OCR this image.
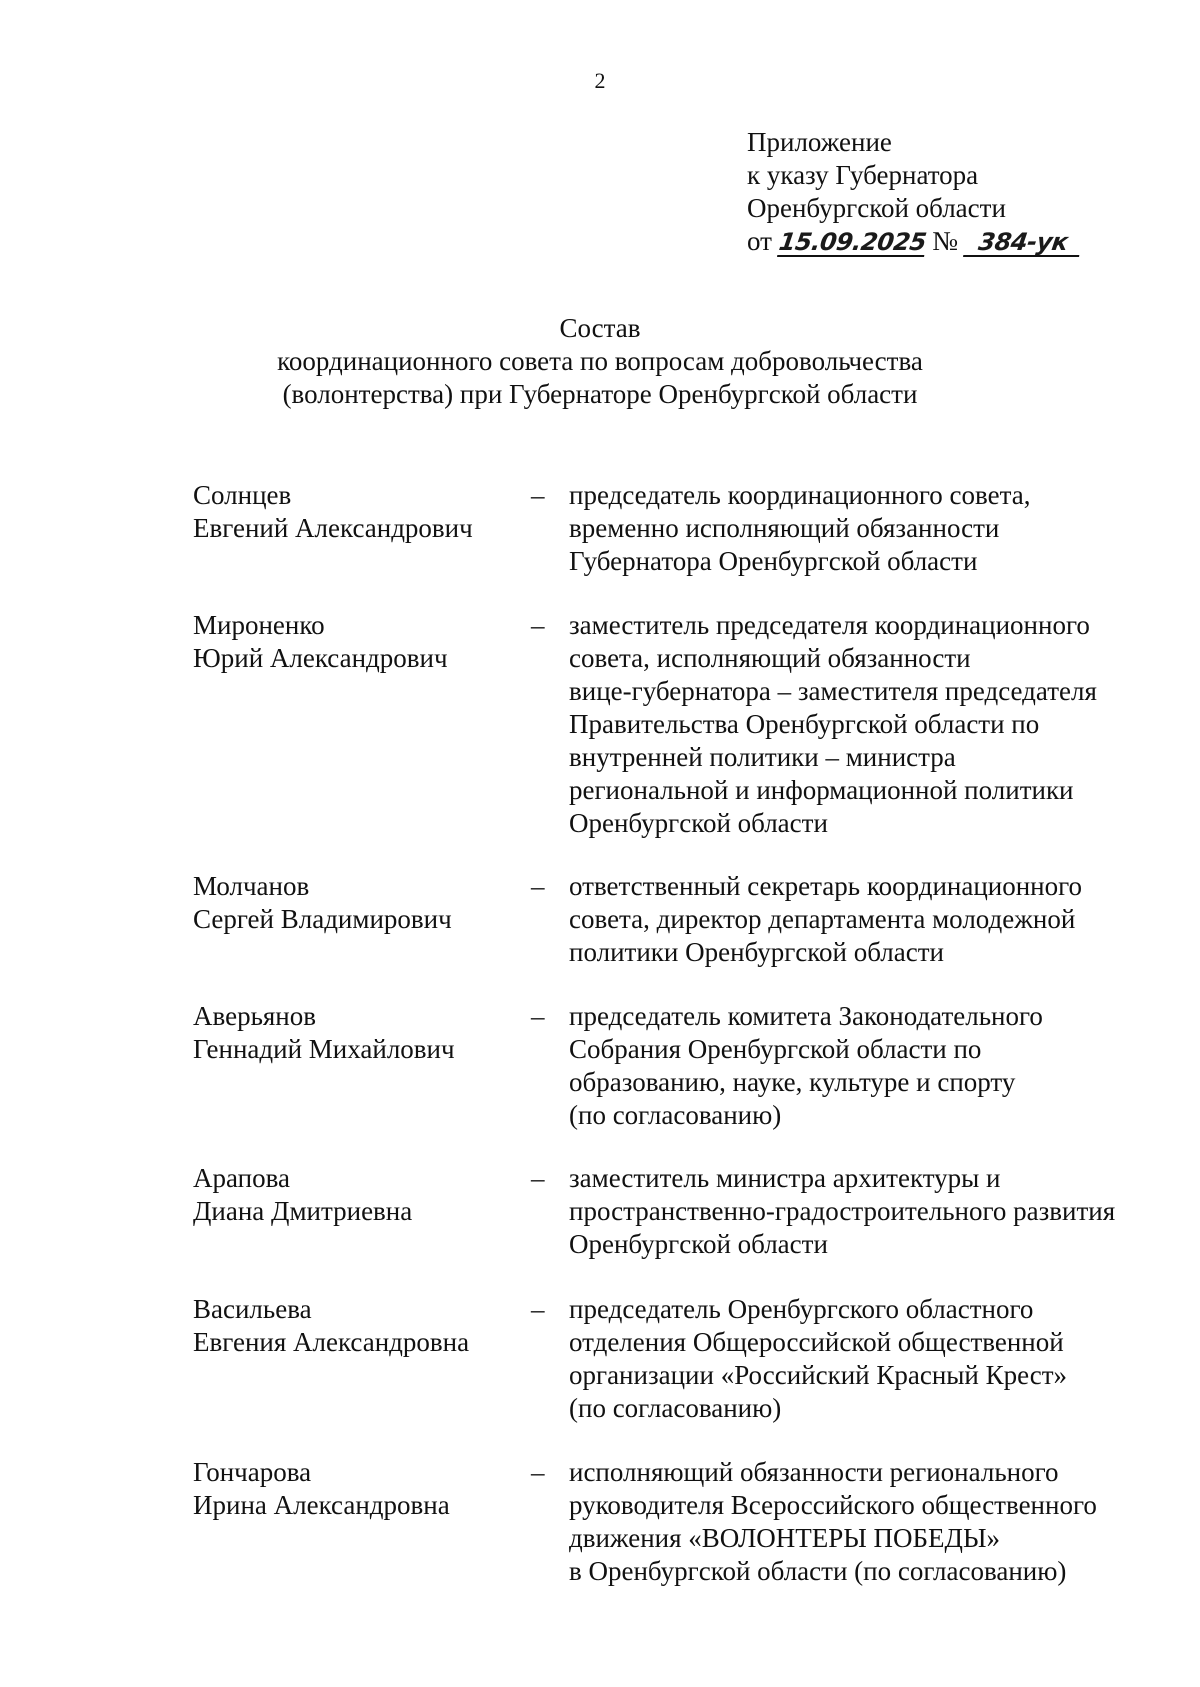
2
Приложение
к указу Губернатора
Оренбургской области
от 15.09.2025 № 384-ук
Состав
координационного совета по вопросам добровольчества
(волонтерства) при Губернаторе Оренбургской области
Солнцев
Евгений Александрович
– председатель координационного совета,
временно исполняющий обязанности
Губернатора Оренбургской области
Мироненко
Юрий Александрович
– заместитель председателя координационного
совета, исполняющий обязанности
вице-губернатора – заместителя председателя
Правительства Оренбургской области по
внутренней политики – министра
региональной и информационной политики
Оренбургской области
Молчанов
Сергей Владимирович
– ответственный секретарь координационного
совета, директор департамента молодежной
политики Оренбургской области
Аверьянов
Геннадий Михайлович
– председатель комитета Законодательного
Собрания Оренбургской области по
образованию, науке, культуре и спорту
(по согласованию)
Арапова
Диана Дмитриевна
– заместитель министра архитектуры и
пространственно-градостроительного развития
Оренбургской области
Васильева
Евгения Александровна
– председатель Оренбургского областного
отделения Общероссийской общественной
организации «Российский Красный Крест»
(по согласованию)
Гончарова
Ирина Александровна
– исполняющий обязанности регионального
руководителя Всероссийского общественного
движения «ВОЛОНТЕРЫ ПОБЕДЫ»
в Оренбургской области (по согласованию)
